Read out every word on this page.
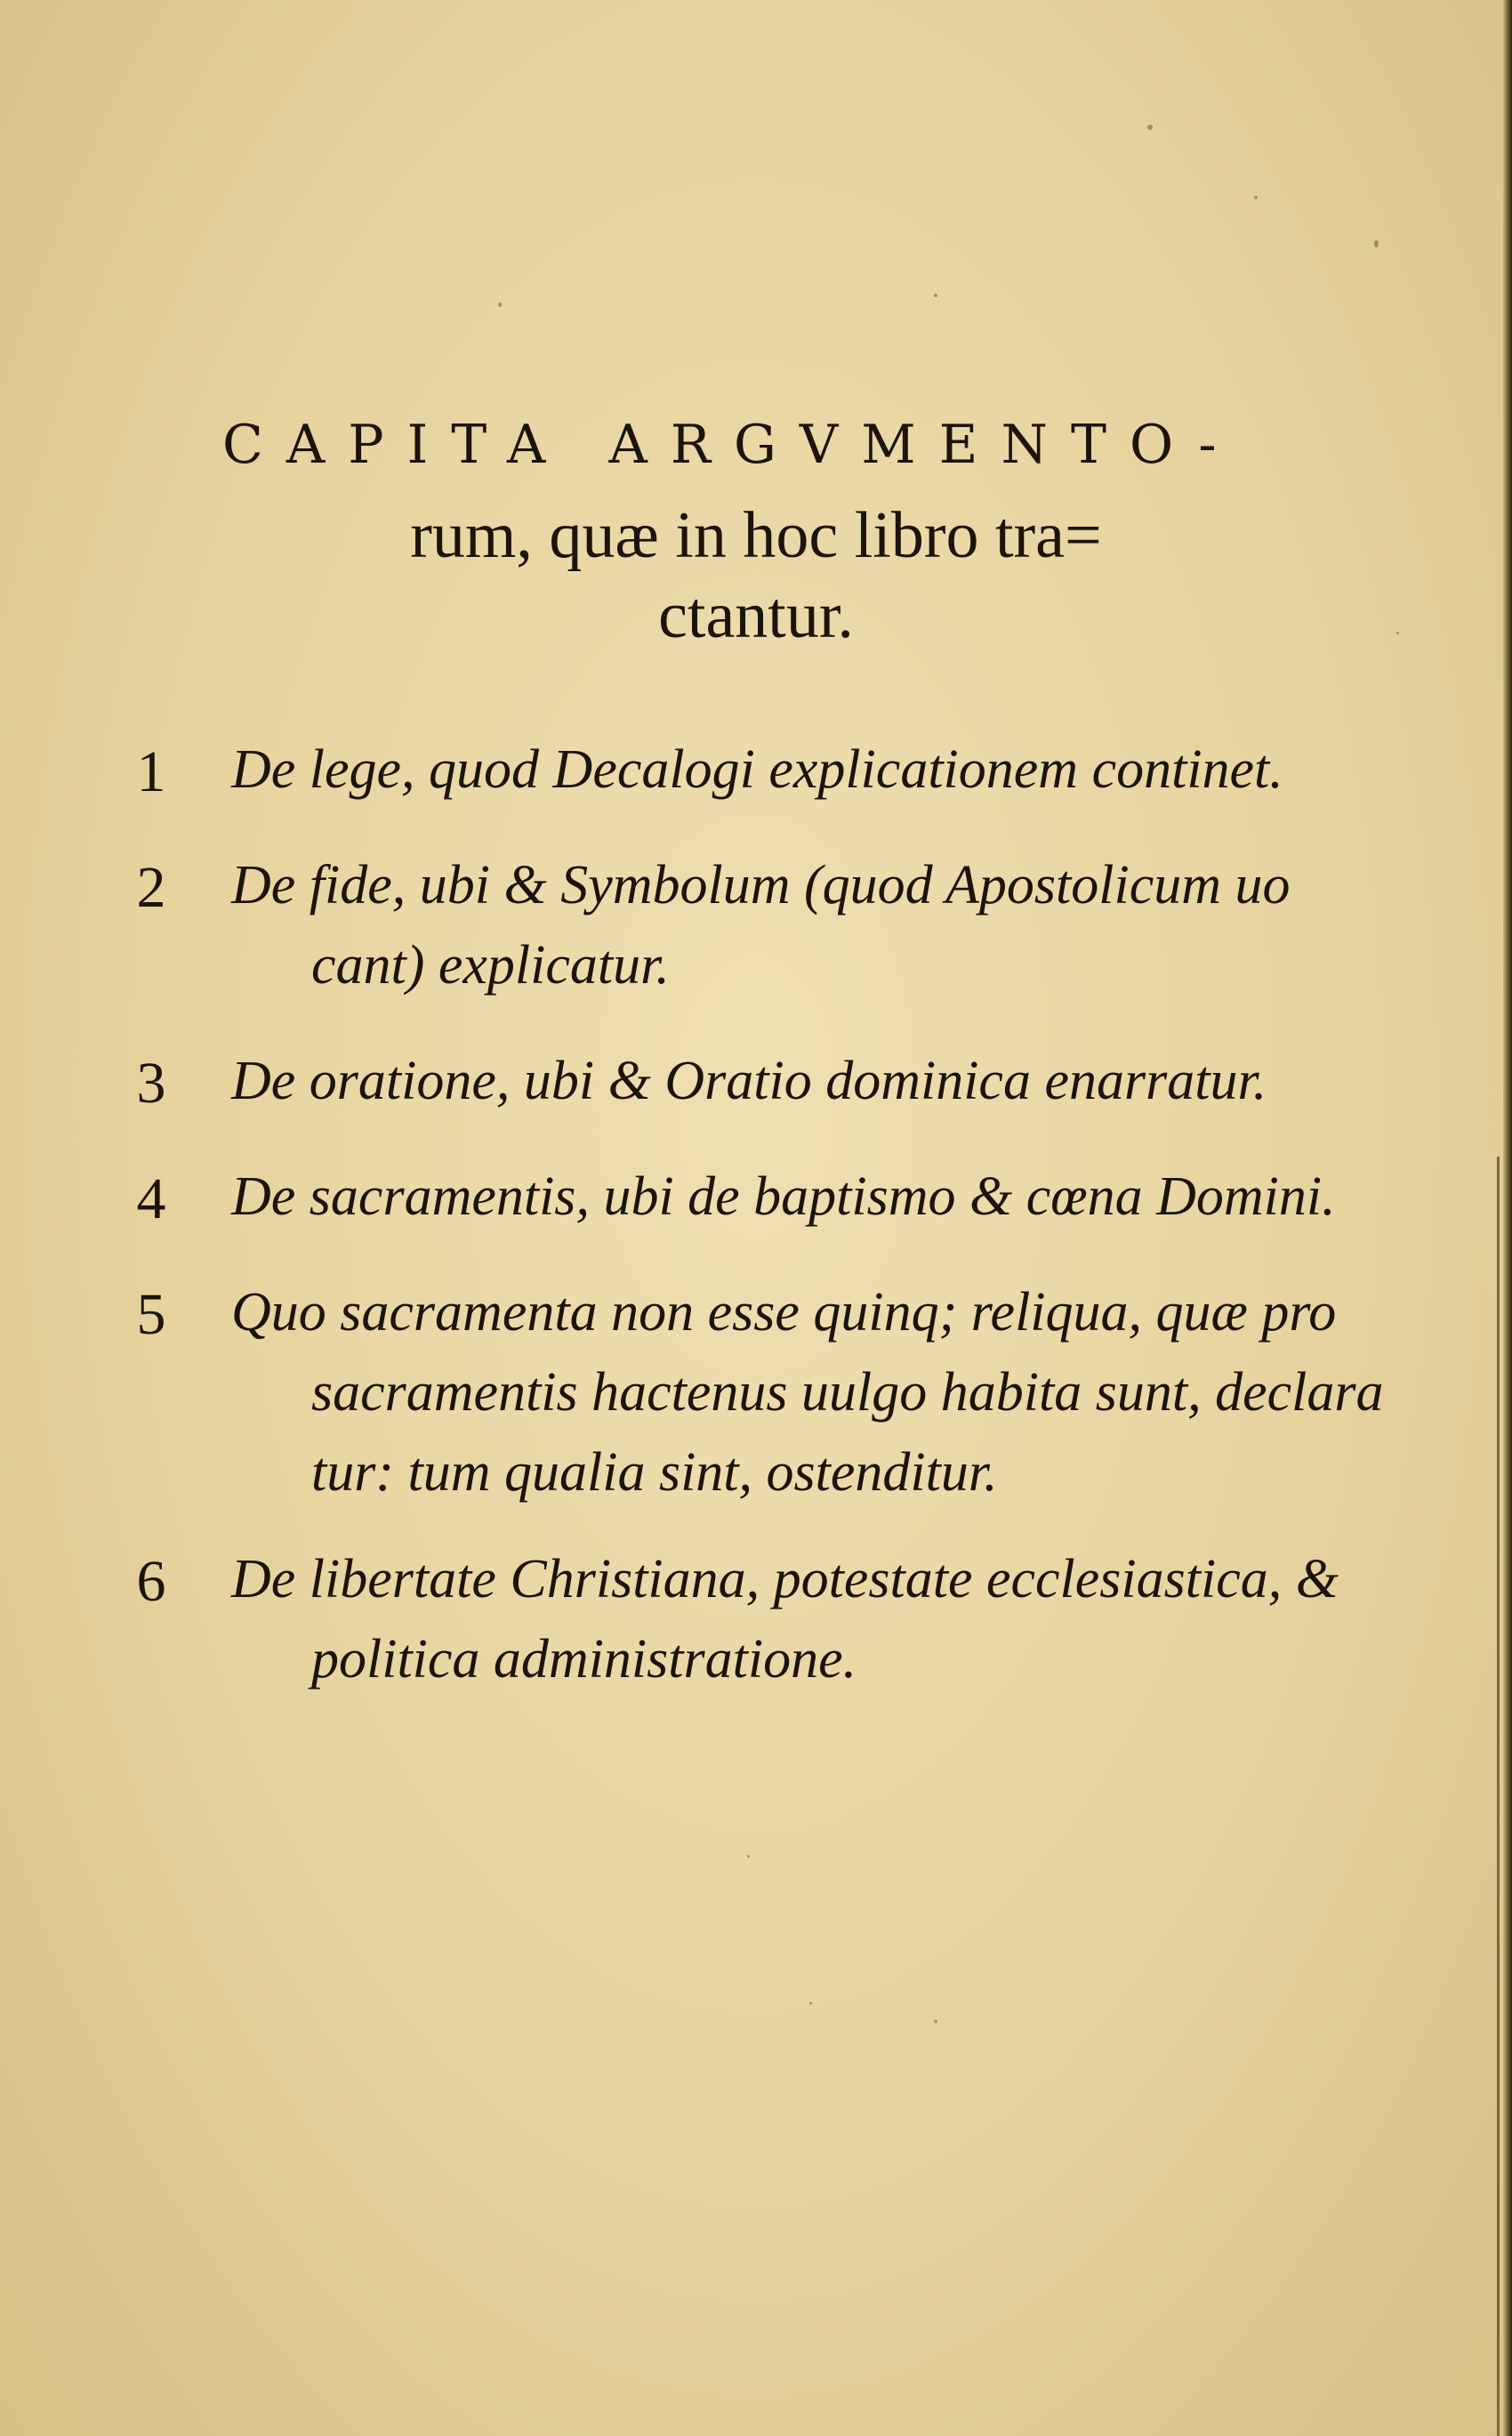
CAPITA ARGVMENTO-
rum, quæ in hoc libro tra=
ctantur.
1	De lege, quod Decalogi explicationem continet.
2	De fide, ubi & Symbolum (quod Apostolicum uo
cant) explicatur.
3	De oratione, ubi & Oratio dominica enarratur.
4	De sacramentis, ubi de baptismo & cœna Domini.
5	Quo sacramenta non esse quinq; reliqua, quæ pro
sacramentis hactenus uulgo habita sunt, declara
tur: tum qualia sint, ostenditur.
6	De libertate Christiana, potestate ecclesiastica, &
politica administratione.
